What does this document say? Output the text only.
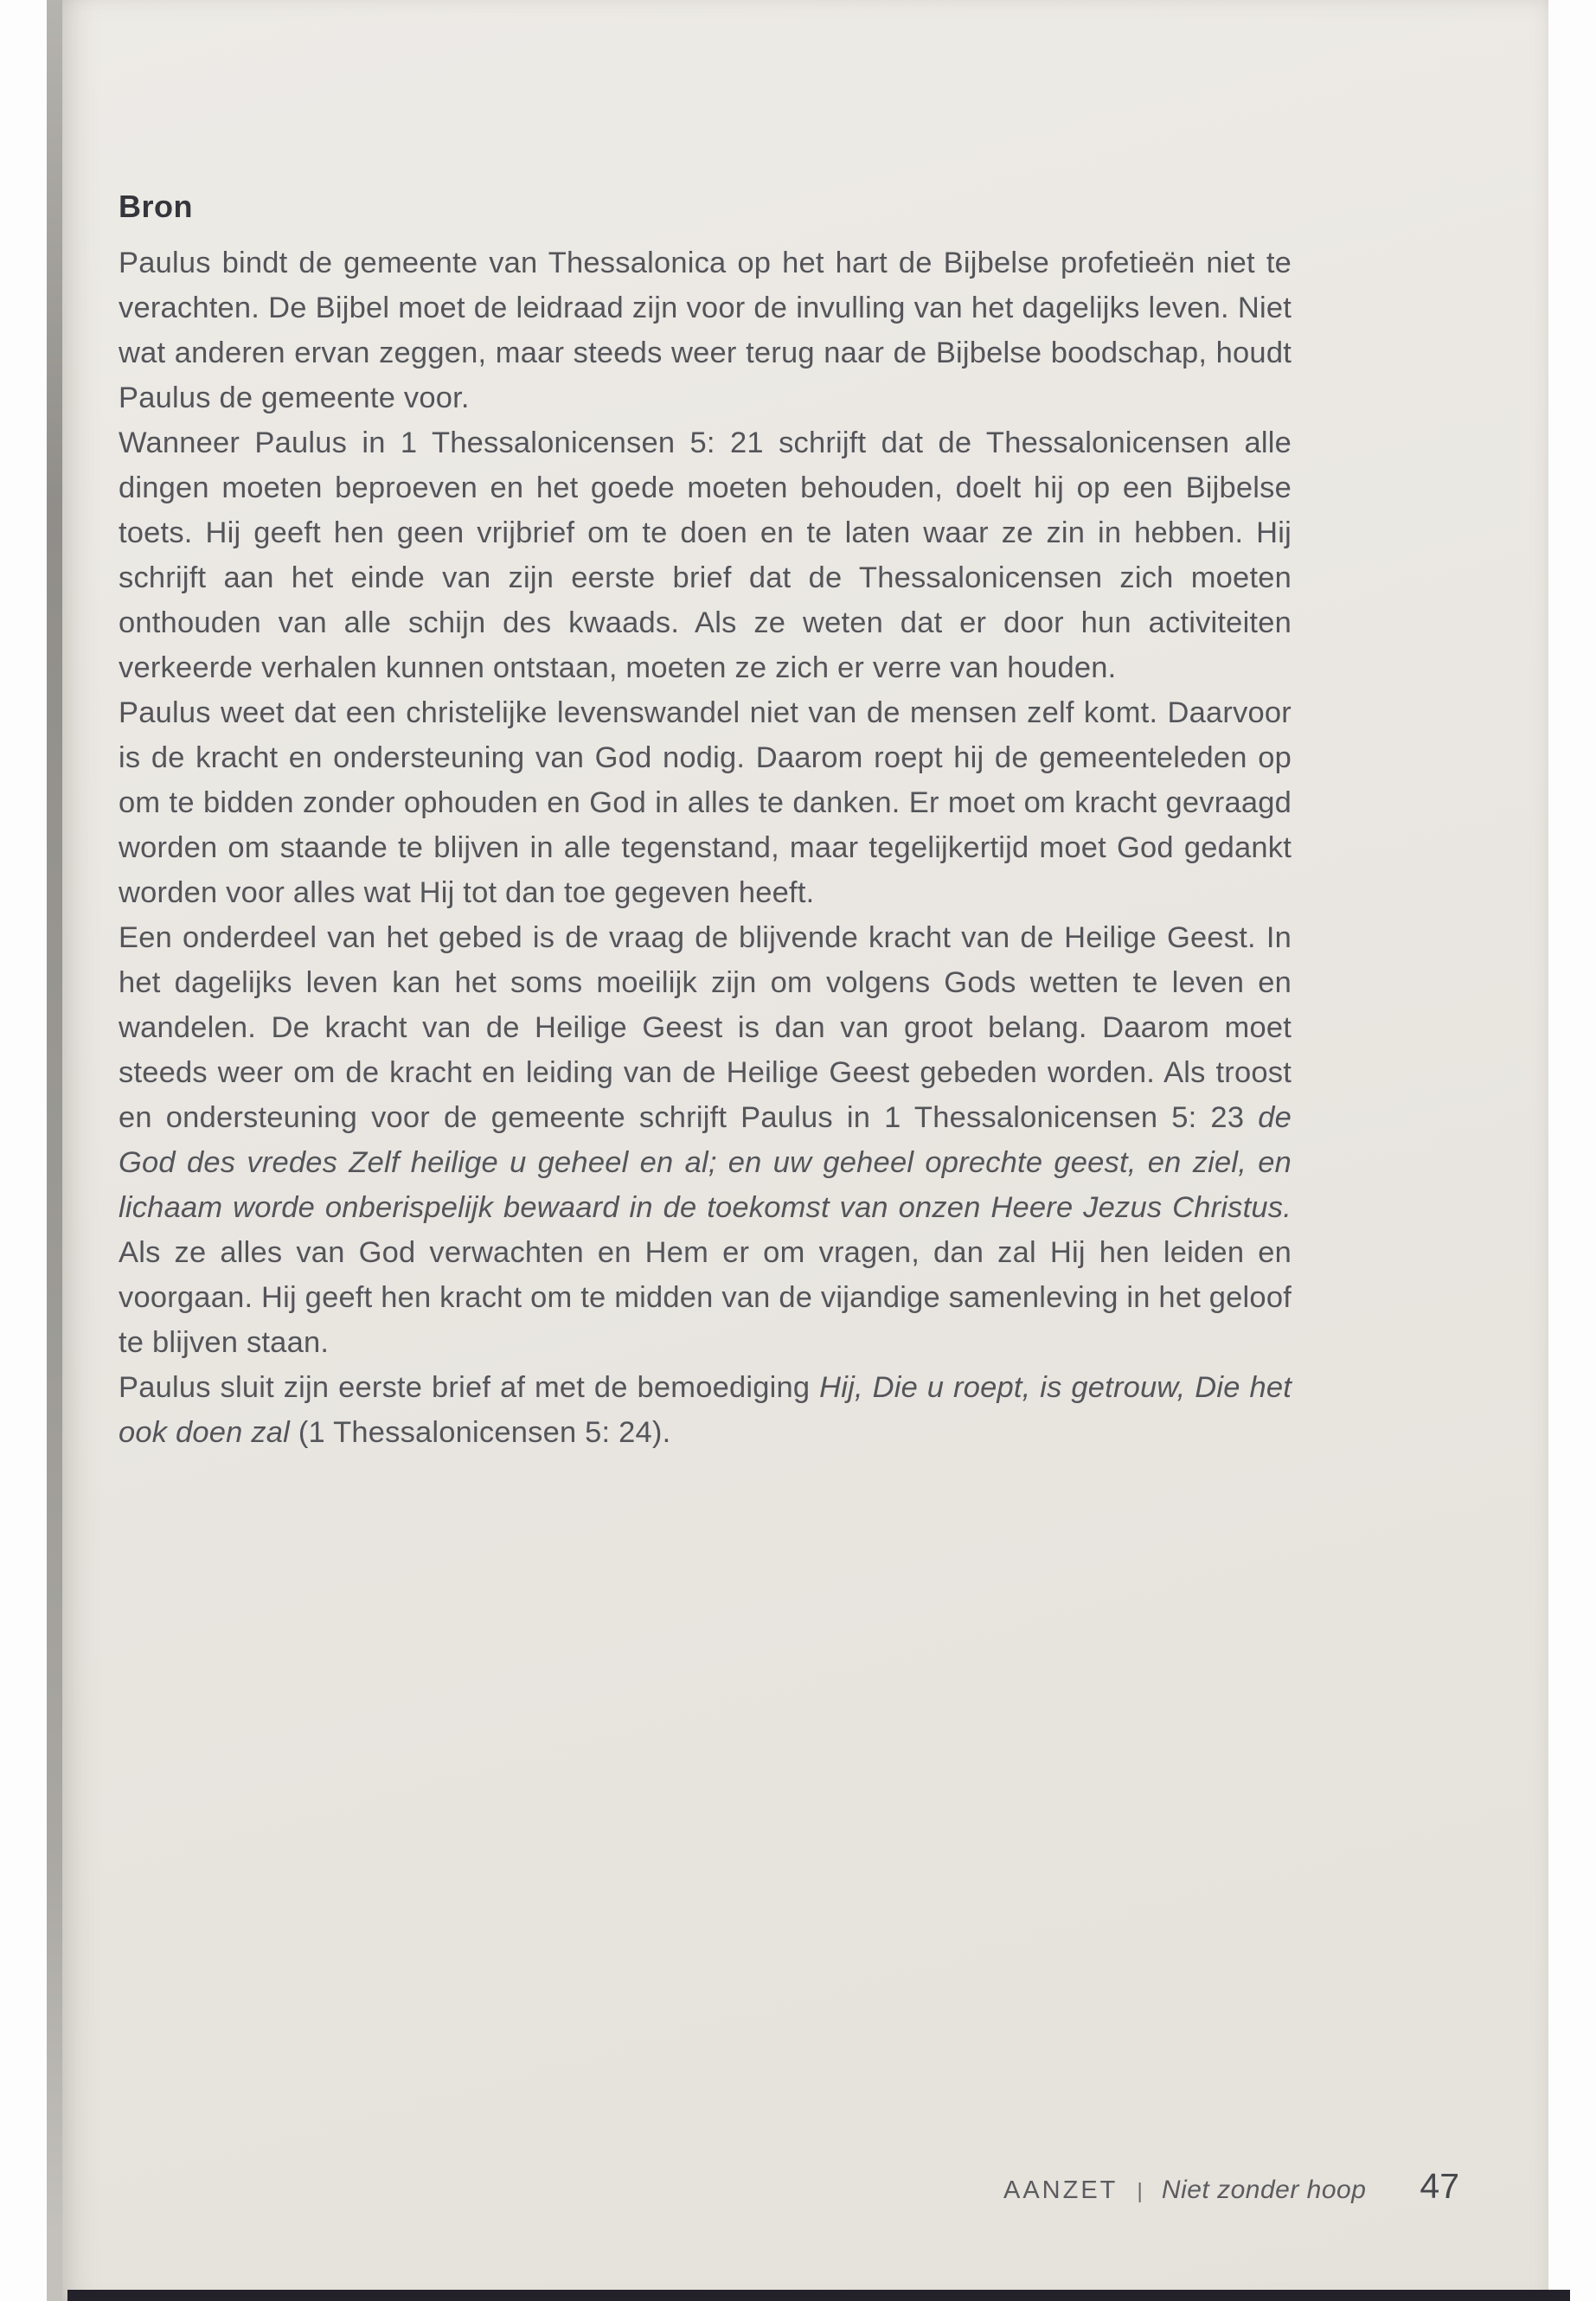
Bron

Paulus bindt de gemeente van Thessalonica op het hart de Bijbelse profetieën niet te verachten. De Bijbel moet de leidraad zijn voor de invulling van het dagelijks leven. Niet wat anderen ervan zeggen, maar steeds weer terug naar de Bijbelse boodschap, houdt Paulus de gemeente voor.

Wanneer Paulus in 1 Thessalonicensen 5: 21 schrijft dat de Thessalonicensen alle dingen moeten beproeven en het goede moeten behouden, doelt hij op een Bijbelse toets. Hij geeft hen geen vrijbrief om te doen en te laten waar ze zin in hebben. Hij schrijft aan het einde van zijn eerste brief dat de Thessalonicensen zich moeten onthouden van alle schijn des kwaads. Als ze weten dat er door hun activiteiten verkeerde verhalen kunnen ontstaan, moeten ze zich er verre van houden.

Paulus weet dat een christelijke levenswandel niet van de mensen zelf komt. Daarvoor is de kracht en ondersteuning van God nodig. Daarom roept hij de gemeenteleden op om te bidden zonder ophouden en God in alles te danken. Er moet om kracht gevraagd worden om staande te blijven in alle tegenstand, maar tegelijkertijd moet God gedankt worden voor alles wat Hij tot dan toe gegeven heeft.

Een onderdeel van het gebed is de vraag de blijvende kracht van de Heilige Geest. In het dagelijks leven kan het soms moeilijk zijn om volgens Gods wetten te leven en wandelen. De kracht van de Heilige Geest is dan van groot belang. Daarom moet steeds weer om de kracht en leiding van de Heilige Geest gebeden worden. Als troost en ondersteuning voor de gemeente schrijft Paulus in 1 Thessalonicensen 5: 23 de God des vredes Zelf heilige u geheel en al; en uw geheel oprechte geest, en ziel, en lichaam worde onberispelijk bewaard in de toekomst van onzen Heere Jezus Christus. Als ze alles van God verwachten en Hem er om vragen, dan zal Hij hen leiden en voorgaan. Hij geeft hen kracht om te midden van de vijandige samenleving in het geloof te blijven staan.

Paulus sluit zijn eerste brief af met de bemoediging Hij, Die u roept, is getrouw, Die het ook doen zal (1 Thessalonicensen 5: 24).

AANZET | Niet zonder hoop 47
